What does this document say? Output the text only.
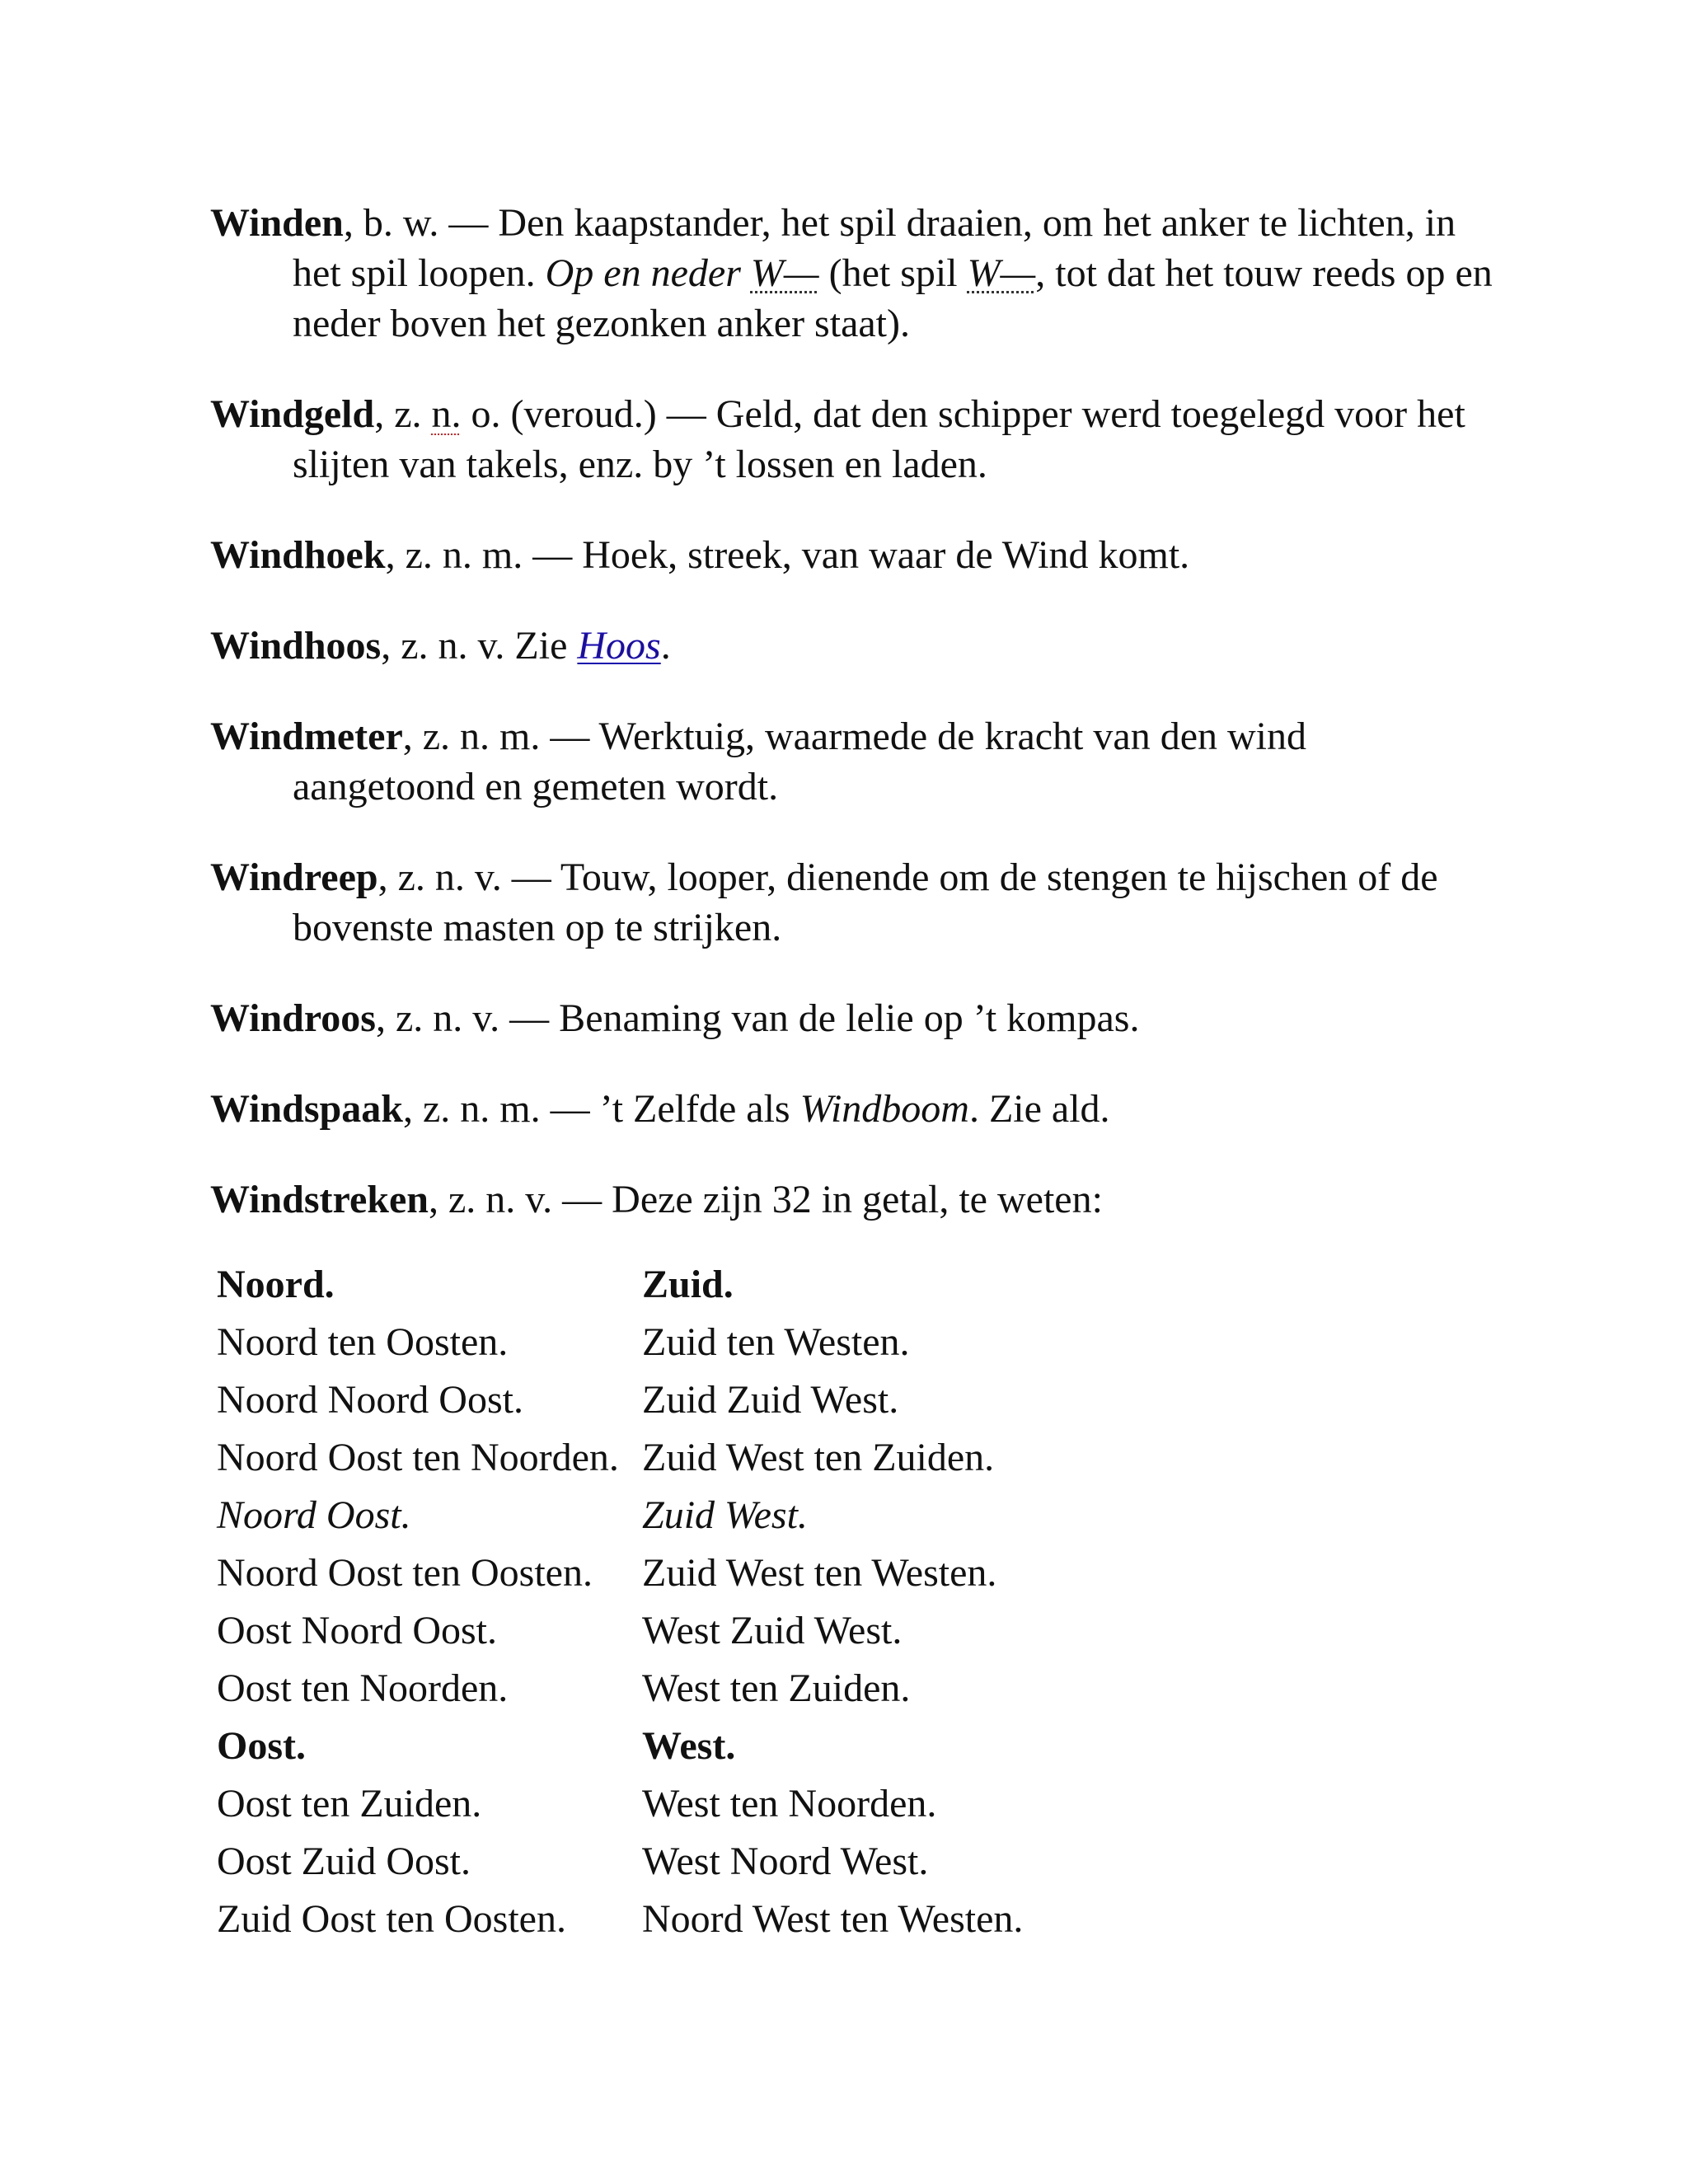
Winden, b. w. — Den kaapstander, het spil draaien, om het anker te lichten, in het spil loopen. Op en neder W— (het spil W—, tot dat het touw reeds op en neder boven het gezonken anker staat).

Windgeld, z. n. o. (veroud.) — Geld, dat den schipper werd toegelegd voor het slijten van takels, enz. by ’t lossen en laden.

Windhoek, z. n. m. — Hoek, streek, van waar de Wind komt.

Windhoos, z. n. v. Zie Hoos.

Windmeter, z. n. m. — Werktuig, waarmede de kracht van den wind aangetoond en gemeten wordt.

Windreep, z. n. v. — Touw, looper, dienende om de stengen te hijschen of de bovenste masten op te strijken.

Windroos, z. n. v. — Benaming van de lelie op ’t kompas.

Windspaak, z. n. m. — ’t Zelfde als Windboom. Zie ald.

Windstreken, z. n. v. — Deze zijn 32 in getal, te weten:

Noord.	Zuid.
Noord ten Oosten.	Zuid ten Westen.
Noord Noord Oost.	Zuid Zuid West.
Noord Oost ten Noorden.	Zuid West ten Zuiden.
Noord Oost.	Zuid West.
Noord Oost ten Oosten.	Zuid West ten Westen.
Oost Noord Oost.	West Zuid West.
Oost ten Noorden.	West ten Zuiden.
Oost.	West.
Oost ten Zuiden.	West ten Noorden.
Oost Zuid Oost.	West Noord West.
Zuid Oost ten Oosten.	Noord West ten Westen.
